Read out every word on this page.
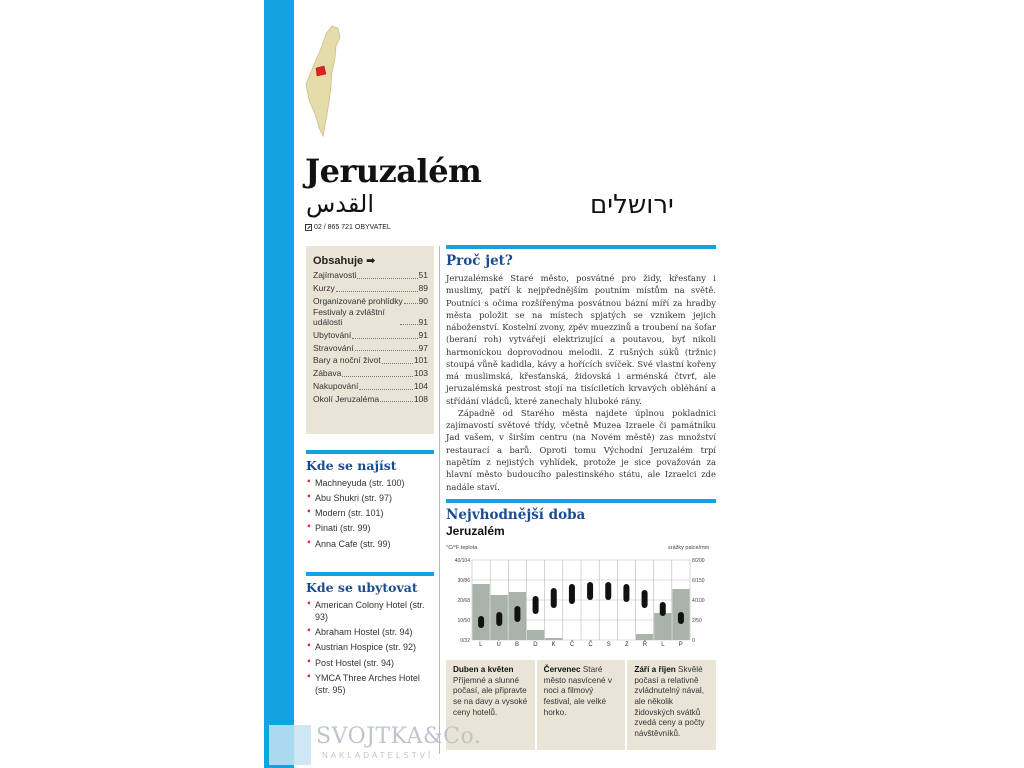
Jeruzalém
القدس	ירושלים
02 / 865 721 OBYVATEL
Obsahuje ➡
Zajímavosti	51
Kurzy	89
Organizované prohlídky 90
Festivaly a zvláštní události	91
Ubytování	91
Stravování	97
Bary a noční život	101
Zábava	103
Nakupování	104
Okolí Jeruzaléma	108
Kde se najíst
➧ Machneyuda (str. 100)
➧ Abu Shukri (str. 97)
➧ Modern (str. 101)
➧ Pinati (str. 99)
➧ Anna Cafe (str. 99)
Kde se ubytovat
➧ American Colony Hotel (str. 93)
➧ Abraham Hostel (str. 94)
➧ Austrian Hospice (str. 92)
➧ Post Hostel (str. 94)
➧ YMCA Three Arches Hotel (str. 95)
Proč jet?

Jeruzalémské Staré město, posvátné pro židy, křesťany i muslimy, patří k nejpřednějším poutním místům na světě. Poutníci s očima rozšířenýma posvátnou bázní míří za hradby města položit se na místech spjatých se vznikem jejich náboženství. Kostelní zvony, zpěv muezzinů a troubení na šofar (beraní roh) vytvářejí elektrizující a poutavou, byť nikoli harmonickou doprovodnou melodii. Z rušných súků (tržnic) stoupá vůně kadidla, kávy a hořících svíček. Své vlastní kořeny má muslimská, křesťanská, židovská i arménská čtvrť, ale jeruzalémská pestrost stojí na tisíciletích krvavých obléhání a střídání vládců, které zanechaly hluboké rány.

Západně od Starého města najdete úplnou pokladnici zajímavostí světové třídy, včetně Muzea Izraele či památníku Jad vašem, v širším centru (na Novém městě) zas množství restaurací a barů. Oproti tomu Východní Jeruzalém trpí napětím z nejistých vyhlídek, protože je sice považován za hlavní město budoucího palestinského státu, ale Izraelci zde nadále staví.

Nejvhodnější doba
Jeruzalém
°C/°F teplota	srážky palce/mm
40/104	8/200
30/86	6/150
20/68	4/100
10/50	2/50
0/32	0
L Ú B D K Č Č S Z Ř L P
Duben a květen Příjemné a slunné počasí, ale připravte se na davy a vysoké ceny hotelů.
Červenec Staré město nasvícené v noci a filmový festival, ale velké horko.
Září a říjen Skvělé počasí a relativně zvládnutelný nával, ale několik židovských svátků zvedá ceny a počty návštěvníků.
SVOJTKA&Co.
NAKLADATELSTVÍ
